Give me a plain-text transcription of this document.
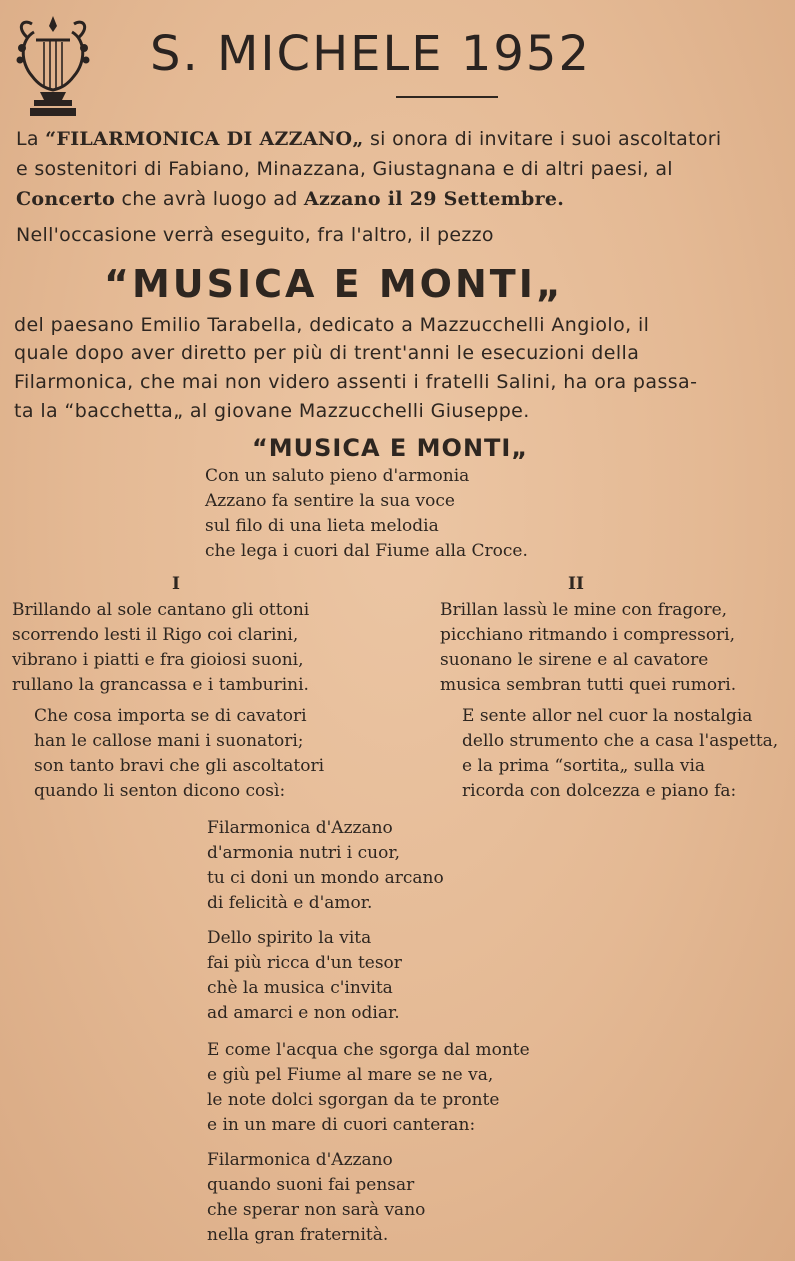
S. MICHELE 1952

La “FILARMONICA DI AZZANO„ si onora di invitare i suoi ascoltatori

e sostenitori di Fabiano, Minazzana, Giustagnana e di altri paesi, al

Concerto che avrà luogo ad Azzano il 29 Settembre.

Nell'occasione verrà eseguito, fra l'altro, il pezzo

“MUSICA E MONTI„

del paesano Emilio Tarabella, dedicato a Mazzucchelli Angiolo, il

quale dopo aver diretto per più di trent'anni le esecuzioni della

Filarmonica, che mai non videro assenti i fratelli Salini, ha ora passa-

ta la “bacchetta„ al giovane Mazzucchelli Giuseppe.

“MUSICA E MONTI„
Con un saluto pieno d'armonia
Azzano fa sentire la sua voce
sul filo di una lieta melodia
che lega i cuori dal Fiume alla Croce.
I
Brillando al sole cantano gli ottoni
scorrendo lesti il Rigo coi clarini,
vibrano i piatti e fra gioiosi suoni,
rullano la grancassa e i tamburini.
Che cosa importa se di cavatori
han le callose mani i suonatori;
son tanto bravi che gli ascoltatori
quando li senton dicono così:
II
Brillan lassù le mine con fragore,
picchiano ritmando i compressori,
suonano le sirene e al cavatore
musica sembran tutti quei rumori.
E sente allor nel cuor la nostalgia
dello strumento che a casa l'aspetta,
e la prima “sortita„ sulla via
ricorda con dolcezza e piano fa:
Filarmonica d'Azzano
d'armonia nutri i cuor,
tu ci doni un mondo arcano
di felicità e d'amor.
Dello spirito la vita
fai più ricca d'un tesor
chè la musica c'invita
ad amarci e non odiar.
E come l'acqua che sgorga dal monte
e giù pel Fiume al mare se ne va,
le note dolci sgorgan da te pronte
e in un mare di cuori canteran:
Filarmonica d'Azzano
quando suoni fai pensar
che sperar non sarà vano
nella gran fraternità.
